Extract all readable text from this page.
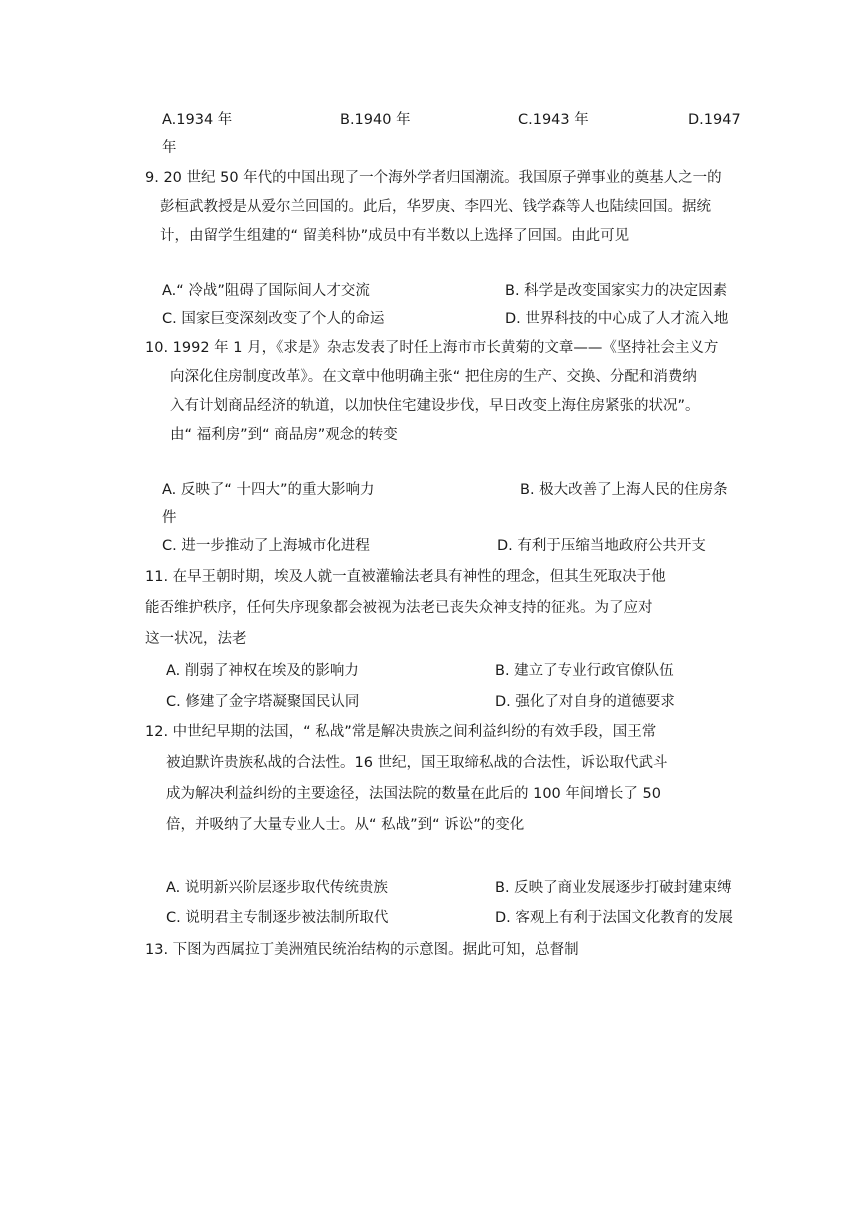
A.1934 年	B.1940 年	C.1943 年	D.1947
年
9. 20 世纪 50 年代的中国出现了一个海外学者归国潮流。我国原子弹事业的奠基人之一的
彭桓武教授是从爱尔兰回国的。此后，华罗庚、李四光、钱学森等人也陆续回国。据统
计，由留学生组建的“ 留美科协”成员中有半数以上选择了回国。由此可见
A.“ 冷战”阻碍了国际间人才交流	B. 科学是改变国家实力的决定因素
C. 国家巨变深刻改变了个人的命运	D. 世界科技的中心成了人才流入地
10. 1992 年 1 月，《求是》杂志发表了时任上海市市长黄菊的文章——《坚持社会主义方
向深化住房制度改革》。在文章中他明确主张“ 把住房的生产、交换、分配和消费纳
入有计划商品经济的轨道，以加快住宅建设步伐，早日改变上海住房紧张的状况”。
由“ 福利房”到“ 商品房”观念的转变
A. 反映了“ 十四大”的重大影响力	B. 极大改善了上海人民的住房条
件
C. 进一步推动了上海城市化进程	D. 有利于压缩当地政府公共开支
11. 在早王朝时期，埃及人就一直被灌输法老具有神性的理念，但其生死取决于他
能否维护秩序，任何失序现象都会被视为法老已丧失众神支持的征兆。为了应对
这一状况，法老
A. 削弱了神权在埃及的影响力	B. 建立了专业行政官僚队伍
C. 修建了金字塔凝聚国民认同	D. 强化了对自身的道德要求
12. 中世纪早期的法国，“ 私战”常是解决贵族之间利益纠纷的有效手段，国王常
被迫默许贵族私战的合法性。16 世纪，国王取缔私战的合法性，诉讼取代武斗
成为解决利益纠纷的主要途径，法国法院的数量在此后的 100 年间增长了 50
倍，并吸纳了大量专业人士。从“ 私战”到“ 诉讼”的变化
A. 说明新兴阶层逐步取代传统贵族	B. 反映了商业发展逐步打破封建束缚
C. 说明君主专制逐步被法制所取代	D. 客观上有利于法国文化教育的发展
13. 下图为西属拉丁美洲殖民统治结构的示意图。据此可知，总督制
